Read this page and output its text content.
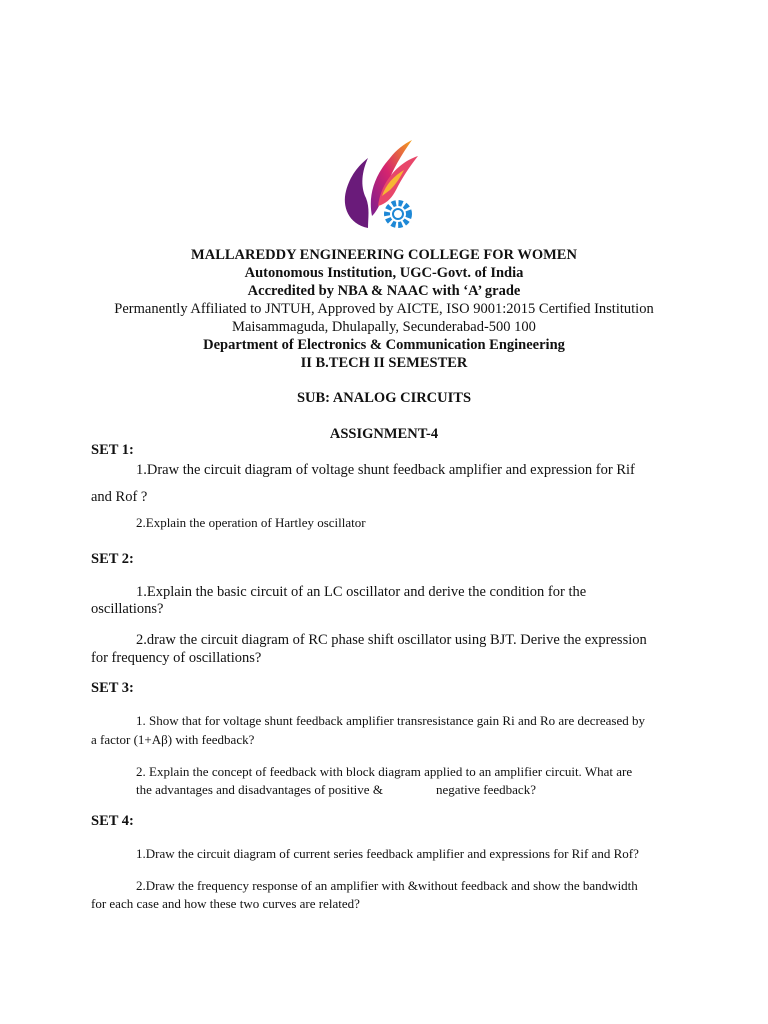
MALLAREDDY ENGINEERING COLLEGE FOR WOMEN
Autonomous Institution, UGC-Govt. of India
Accredited by NBA & NAAC with ‘A’ grade
Permanently Affiliated to JNTUH, Approved by AICTE, ISO 9001:2015 Certified Institution
Maisammaguda, Dhulapally, Secunderabad-500 100
Department of Electronics & Communication Engineering
II B.TECH II SEMESTER
SUB: ANALOG CIRCUITS
ASSIGNMENT-4
SET 1:
1.Draw the circuit diagram of voltage shunt feedback amplifier and expression for Rif
and Rof ?
2.Explain the operation of Hartley oscillator
SET 2:
1.Explain the basic circuit of an LC oscillator and derive the condition for the
oscillations?
2.draw the circuit diagram of RC phase shift oscillator using BJT. Derive the expression
for frequency of oscillations?
SET 3:
1. Show that for voltage shunt feedback amplifier transresistance gain Ri and Ro are decreased by
a factor (1+Aβ) with feedback?
2. Explain the concept of feedback with block diagram applied to an amplifier circuit. What are
the advantages and disadvantages of positive &	negative feedback?
SET 4:
1.Draw the circuit diagram of current series feedback amplifier and expressions for Rif and Rof?
2.Draw the frequency response of an amplifier with &without feedback and show the bandwidth
for each case and how these two curves are related?
